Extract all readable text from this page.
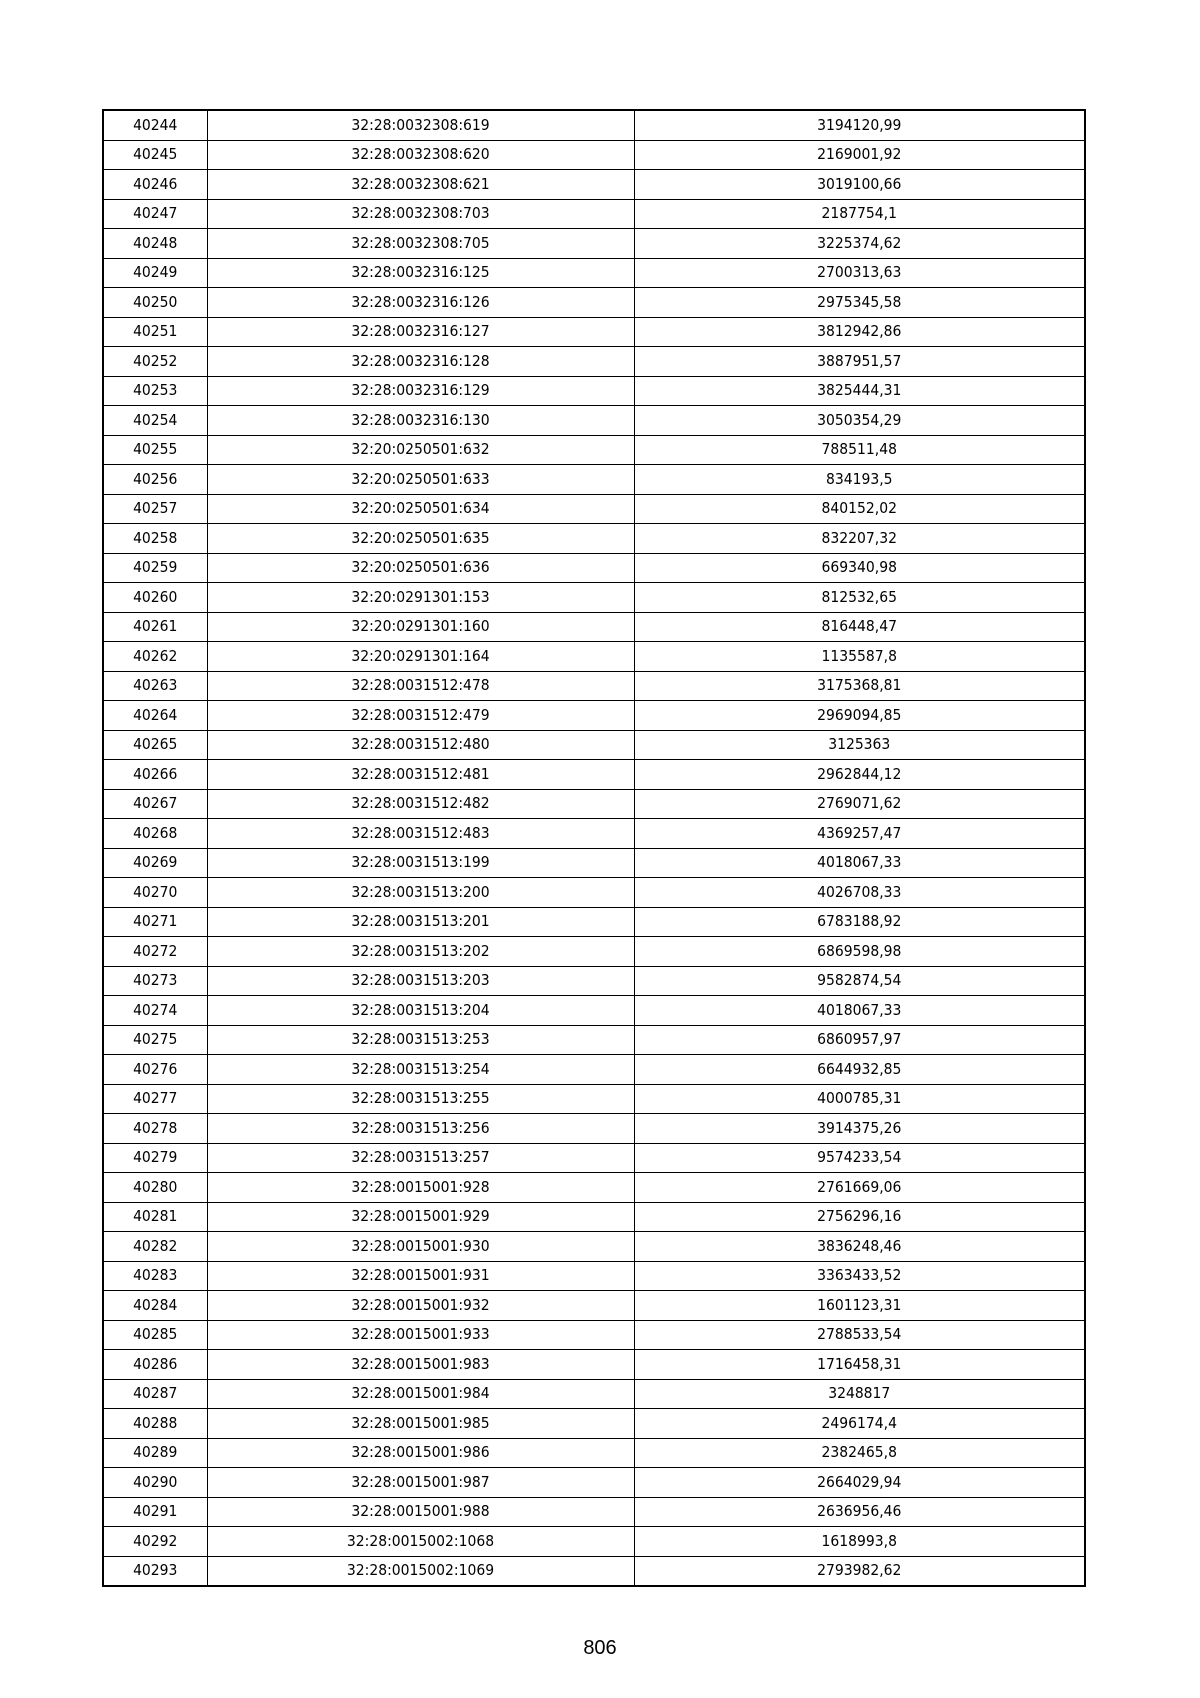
40244	32:28:0032308:619	3194120,99
40245	32:28:0032308:620	2169001,92
40246	32:28:0032308:621	3019100,66
40247	32:28:0032308:703	2187754,1
40248	32:28:0032308:705	3225374,62
40249	32:28:0032316:125	2700313,63
40250	32:28:0032316:126	2975345,58
40251	32:28:0032316:127	3812942,86
40252	32:28:0032316:128	3887951,57
40253	32:28:0032316:129	3825444,31
40254	32:28:0032316:130	3050354,29
40255	32:20:0250501:632	788511,48
40256	32:20:0250501:633	834193,5
40257	32:20:0250501:634	840152,02
40258	32:20:0250501:635	832207,32
40259	32:20:0250501:636	669340,98
40260	32:20:0291301:153	812532,65
40261	32:20:0291301:160	816448,47
40262	32:20:0291301:164	1135587,8
40263	32:28:0031512:478	3175368,81
40264	32:28:0031512:479	2969094,85
40265	32:28:0031512:480	3125363
40266	32:28:0031512:481	2962844,12
40267	32:28:0031512:482	2769071,62
40268	32:28:0031512:483	4369257,47
40269	32:28:0031513:199	4018067,33
40270	32:28:0031513:200	4026708,33
40271	32:28:0031513:201	6783188,92
40272	32:28:0031513:202	6869598,98
40273	32:28:0031513:203	9582874,54
40274	32:28:0031513:204	4018067,33
40275	32:28:0031513:253	6860957,97
40276	32:28:0031513:254	6644932,85
40277	32:28:0031513:255	4000785,31
40278	32:28:0031513:256	3914375,26
40279	32:28:0031513:257	9574233,54
40280	32:28:0015001:928	2761669,06
40281	32:28:0015001:929	2756296,16
40282	32:28:0015001:930	3836248,46
40283	32:28:0015001:931	3363433,52
40284	32:28:0015001:932	1601123,31
40285	32:28:0015001:933	2788533,54
40286	32:28:0015001:983	1716458,31
40287	32:28:0015001:984	3248817
40288	32:28:0015001:985	2496174,4
40289	32:28:0015001:986	2382465,8
40290	32:28:0015001:987	2664029,94
40291	32:28:0015001:988	2636956,46
40292	32:28:0015002:1068	1618993,8
40293	32:28:0015002:1069	2793982,62
806
